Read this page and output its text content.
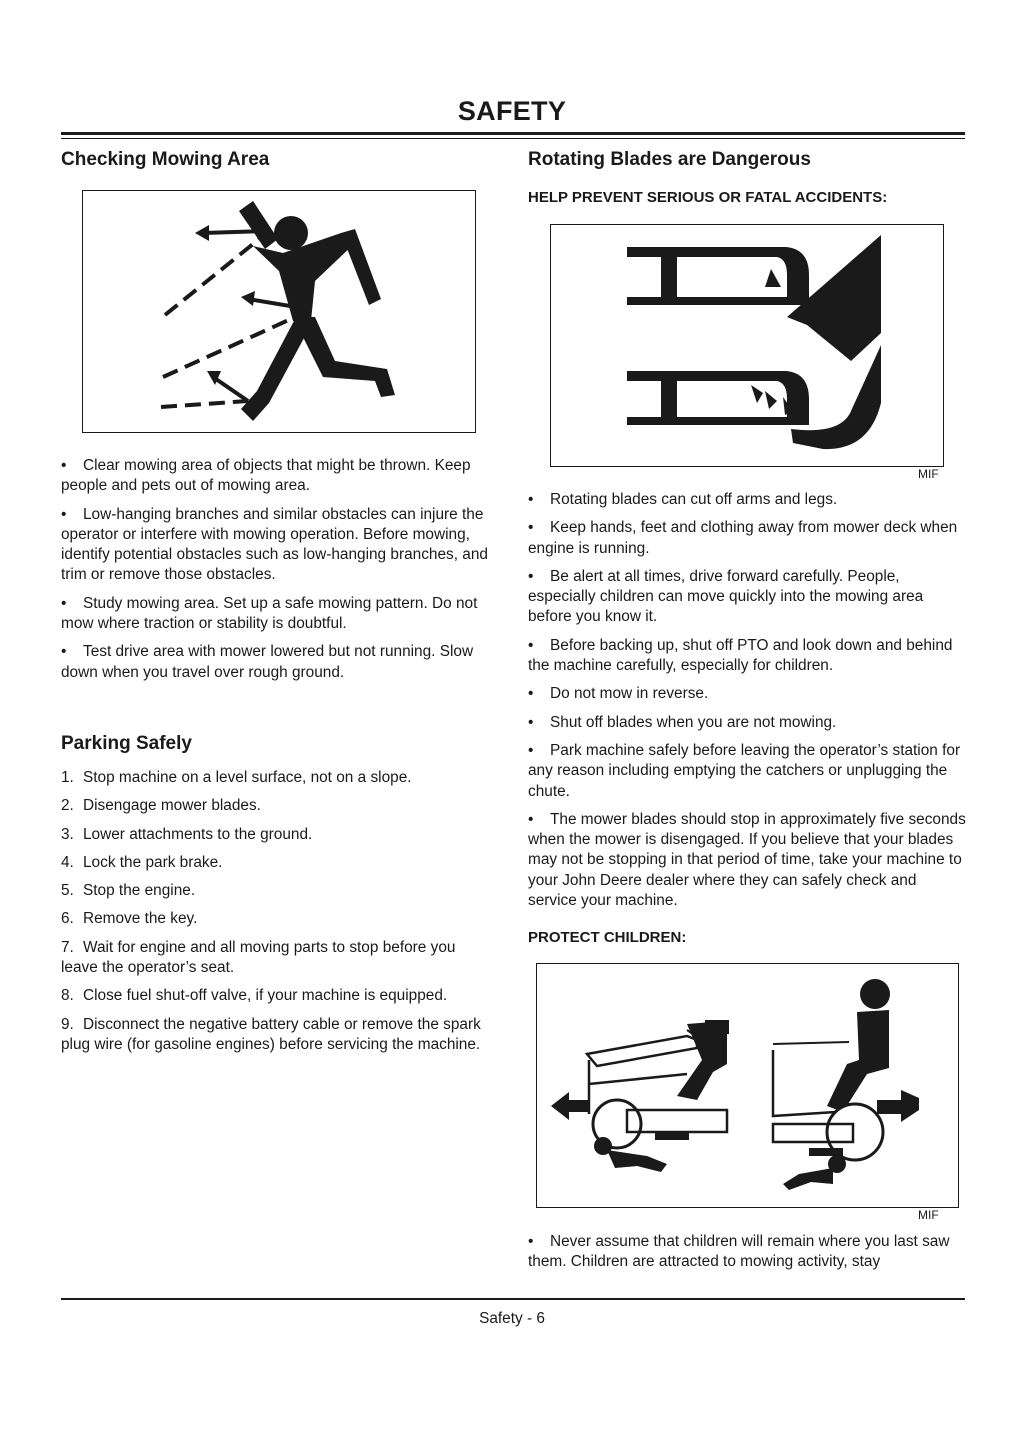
SAFETY
Checking Mowing Area

• Clear mowing area of objects that might be thrown. Keep people and pets out of mowing area.

• Low-hanging branches and similar obstacles can injure the operator or interfere with mowing operation. Before mowing, identify potential obstacles such as low-hanging branches, and trim or remove those obstacles.

• Study mowing area. Set up a safe mowing pattern. Do not mow where traction or stability is doubtful.

• Test drive area with mower lowered but not running. Slow down when you travel over rough ground.

Parking Safely

1. Stop machine on a level surface, not on a slope.

2. Disengage mower blades.

3. Lower attachments to the ground.

4. Lock the park brake.

5. Stop the engine.

6. Remove the key.

7. Wait for engine and all moving parts to stop before you leave the operator’s seat.

8. Close fuel shut-off valve, if your machine is equipped.

9. Disconnect the negative battery cable or remove the spark plug wire (for gasoline engines) before servicing the machine.

Rotating Blades are Dangerous
HELP PREVENT SERIOUS OR FATAL ACCIDENTS:
MIF

• Rotating blades can cut off arms and legs.

• Keep hands, feet and clothing away from mower deck when engine is running.

• Be alert at all times, drive forward carefully. People, especially children can move quickly into the mowing area before you know it.

• Before backing up, shut off PTO and look down and behind the machine carefully, especially for children.

• Do not mow in reverse.

• Shut off blades when you are not mowing.

• Park machine safely before leaving the operator’s station for any reason including emptying the catchers or unplugging the chute.

• The mower blades should stop in approximately five seconds when the mower is disengaged. If you believe that your blades may not be stopping in that period of time, take your machine to your John Deere dealer where they can safely check and service your machine.

PROTECT CHILDREN:
MIF

• Never assume that children will remain where you last saw them. Children are attracted to mowing activity, stay

Safety - 6
